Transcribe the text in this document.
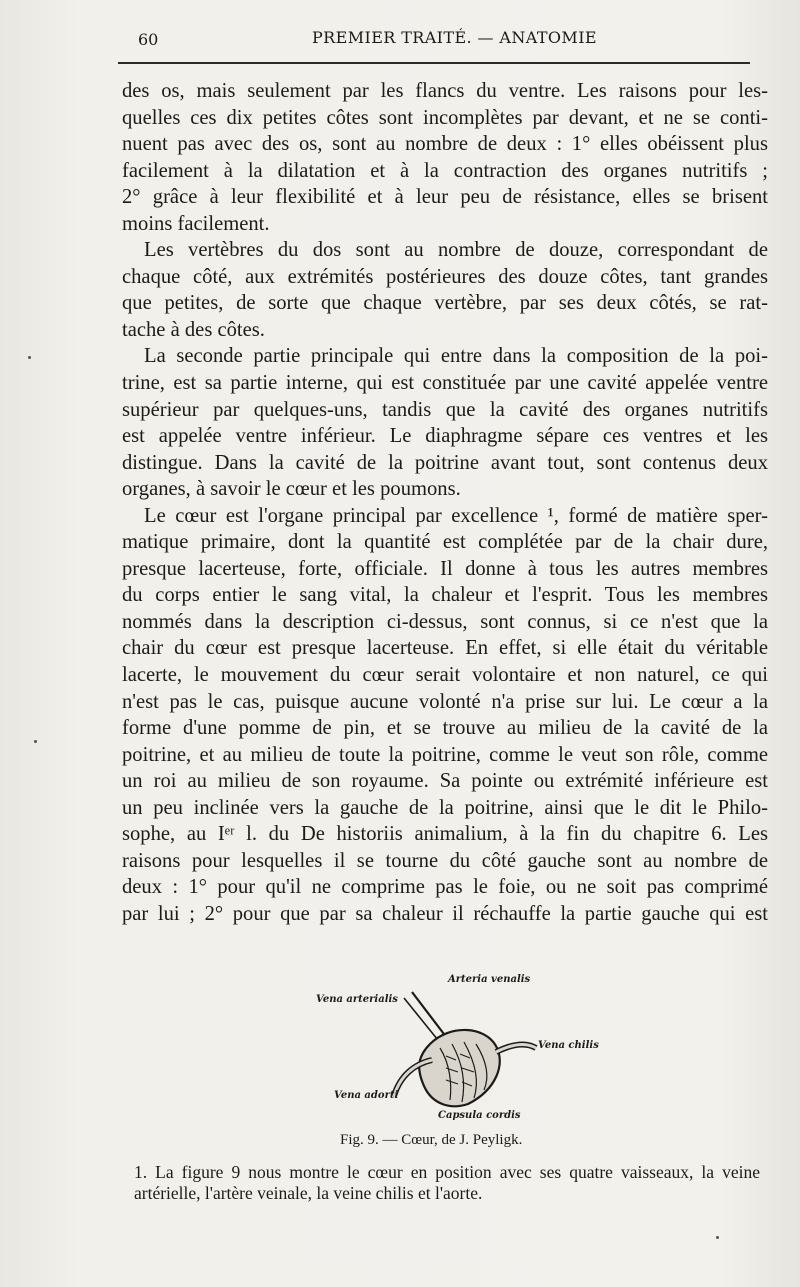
60	PREMIER TRAITÉ. — ANATOMIE
des os, mais seulement par les flancs du ventre. Les raisons pour les-
quelles ces dix petites côtes sont incomplètes par devant, et ne se conti-
nuent pas avec des os, sont au nombre de deux : 1° elles obéissent plus
facilement à la dilatation et à la contraction des organes nutritifs ;
2° grâce à leur flexibilité et à leur peu de résistance, elles se brisent
moins facilement.
Les vertèbres du dos sont au nombre de douze, correspondant de
chaque côté, aux extrémités postérieures des douze côtes, tant grandes
que petites, de sorte que chaque vertèbre, par ses deux côtés, se rat-
tache à des côtes.
La seconde partie principale qui entre dans la composition de la poi-
trine, est sa partie interne, qui est constituée par une cavité appelée ventre
supérieur par quelques-uns, tandis que la cavité des organes nutritifs
est appelée ventre inférieur. Le diaphragme sépare ces ventres et les
distingue. Dans la cavité de la poitrine avant tout, sont contenus deux
organes, à savoir le cœur et les poumons.
Le cœur est l'organe principal par excellence ¹, formé de matière sper-
matique primaire, dont la quantité est complétée par de la chair dure,
presque lacerteuse, forte, officiale. Il donne à tous les autres membres
du corps entier le sang vital, la chaleur et l'esprit. Tous les membres
nommés dans la description ci-dessus, sont connus, si ce n'est que la
chair du cœur est presque lacerteuse. En effet, si elle était du véritable
lacerte, le mouvement du cœur serait volontaire et non naturel, ce qui
n'est pas le cas, puisque aucune volonté n'a prise sur lui. Le cœur a la
forme d'une pomme de pin, et se trouve au milieu de la cavité de la
poitrine, et au milieu de toute la poitrine, comme le veut son rôle, comme
un roi au milieu de son royaume. Sa pointe ou extrémité inférieure est
un peu inclinée vers la gauche de la poitrine, ainsi que le dit le Philo-
sophe, au Iᵉʳ l. du De historiis animalium, à la fin du chapitre 6. Les
raisons pour lesquelles il se tourne du côté gauche sont au nombre de
deux : 1° pour qu'il ne comprime pas le foie, ou ne soit pas comprimé
par lui ; 2° pour que par sa chaleur il réchauffe la partie gauche qui est
Arteria venalis
Vena arterialis
Vena chilis
Vena adorti
Capsula cordis
Fig. 9. — Cœur, de J. Peyligk.
1. La figure 9 nous montre le cœur en position avec ses quatre vaisseaux, la veine
artérielle, l'artère veinale, la veine chilis et l'aorte.
